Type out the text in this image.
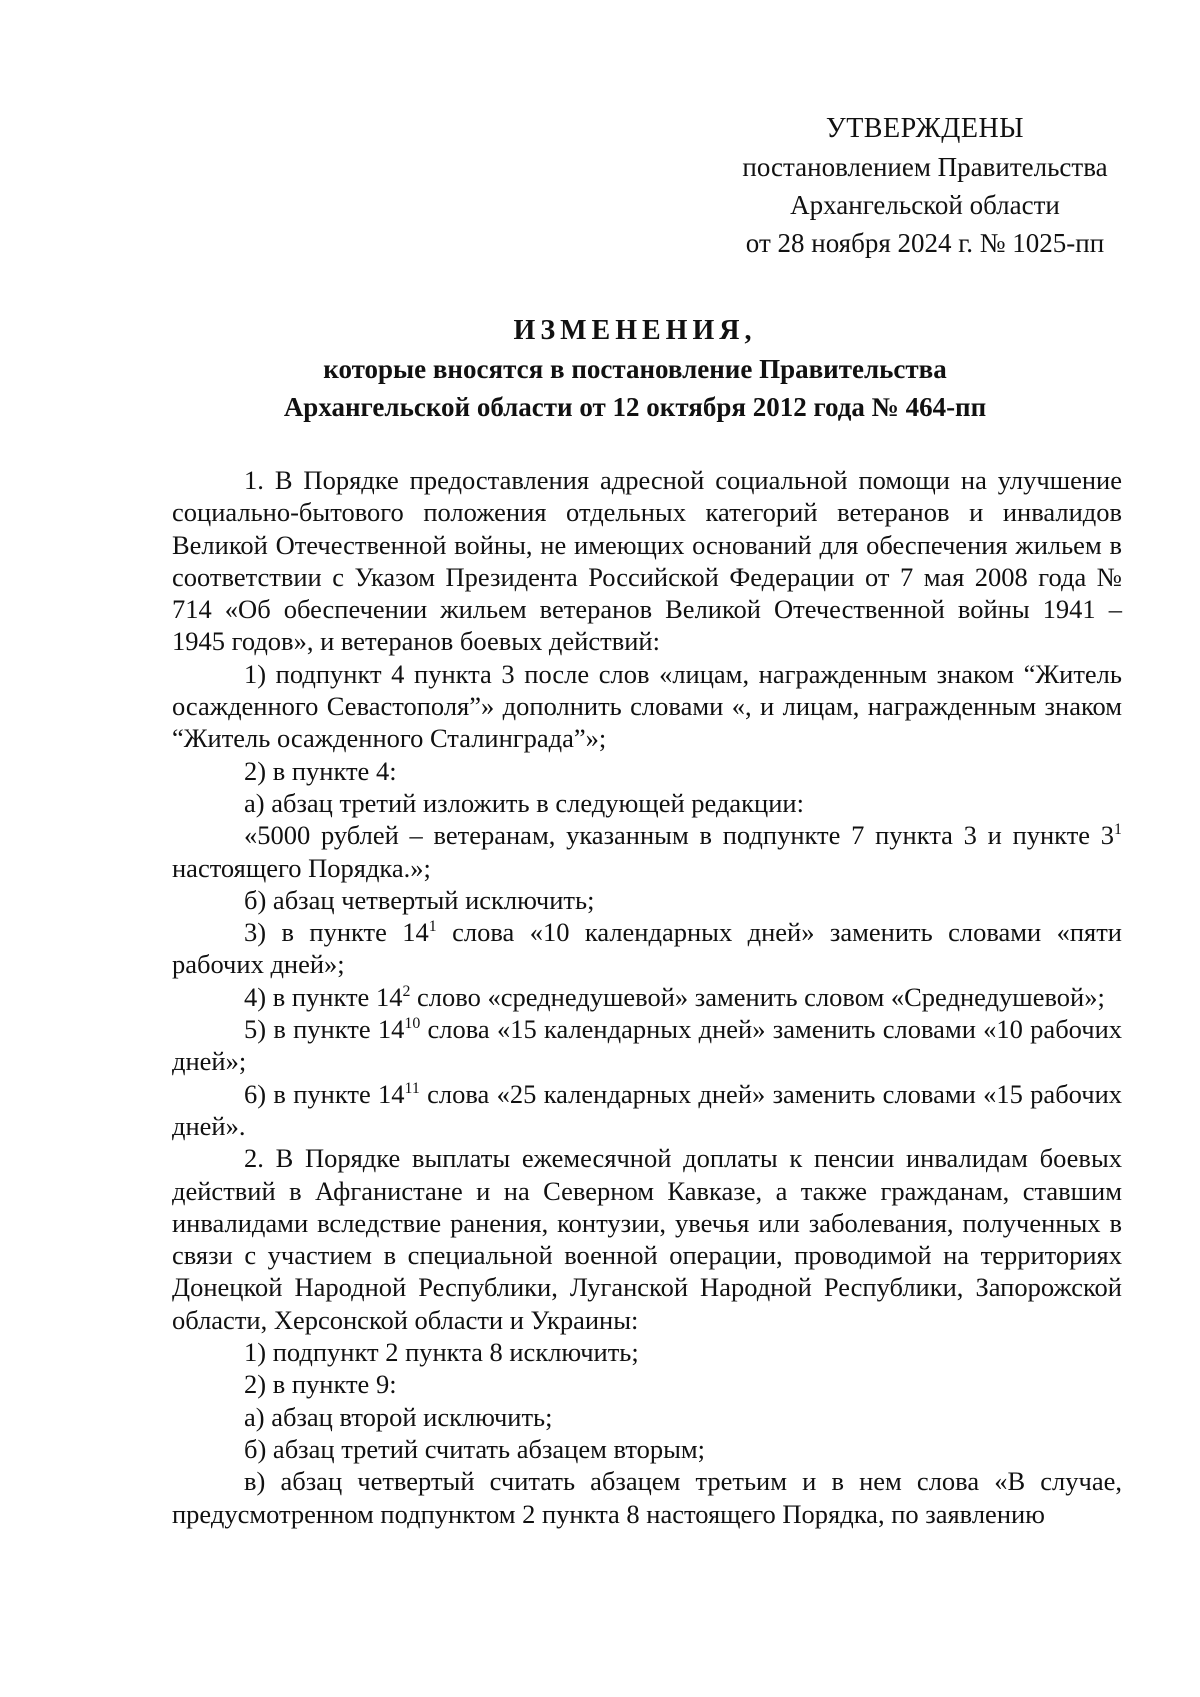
УТВЕРЖДЕНЫ
постановлением Правительства
Архангельской области
от 28 ноября 2024 г. № 1025-пп
ИЗМЕНЕНИЯ,
которые вносятся в постановление Правительства
Архангельской области от 12 октября 2012 года № 464-пп

1. В Порядке предоставления адресной социальной помощи на улучшение социально-бытового положения отдельных категорий ветеранов и инвалидов Великой Отечественной войны, не имеющих оснований для обеспечения жильем в соответствии с Указом Президента Российской Федерации от 7 мая 2008 года № 714 «Об обеспечении жильем ветеранов Великой Отечественной войны 1941 – 1945 годов», и ветеранов боевых действий:

1) подпункт 4 пункта 3 после слов «лицам, награжденным знаком “Житель осажденного Севастополя”» дополнить словами «, и лицам, награжденным знаком “Житель осажденного Сталинграда”»;

2) в пункте 4:

а) абзац третий изложить в следующей редакции:

«5000 рублей – ветеранам, указанным в подпункте 7 пункта 3 и пункте $3^1$ настоящего Порядка.»;

б) абзац четвертый исключить;

3) в пункте $14^1$ слова «10 календарных дней» заменить словами «пяти рабочих дней»;

4) в пункте $14^2$ слово «среднедушевой» заменить словом «Среднедушевой»;

5) в пункте $14^{10}$ слова «15 календарных дней» заменить словами «10 рабочих дней»;

6) в пункте $14^{11}$ слова «25 календарных дней» заменить словами «15 рабочих дней».

2. В Порядке выплаты ежемесячной доплаты к пенсии инвалидам боевых действий в Афганистане и на Северном Кавказе, а также гражданам, ставшим инвалидами вследствие ранения, контузии, увечья или заболевания, полученных в связи с участием в специальной военной операции, проводимой на территориях Донецкой Народной Республики, Луганской Народной Республики, Запорожской области, Херсонской области и Украины:

1) подпункт 2 пункта 8 исключить;

2) в пункте 9:

а) абзац второй исключить;

б) абзац третий считать абзацем вторым;

в) абзац четвертый считать абзацем третьим и в нем слова «В случае, предусмотренном подпунктом 2 пункта 8 настоящего Порядка, по заявлению
